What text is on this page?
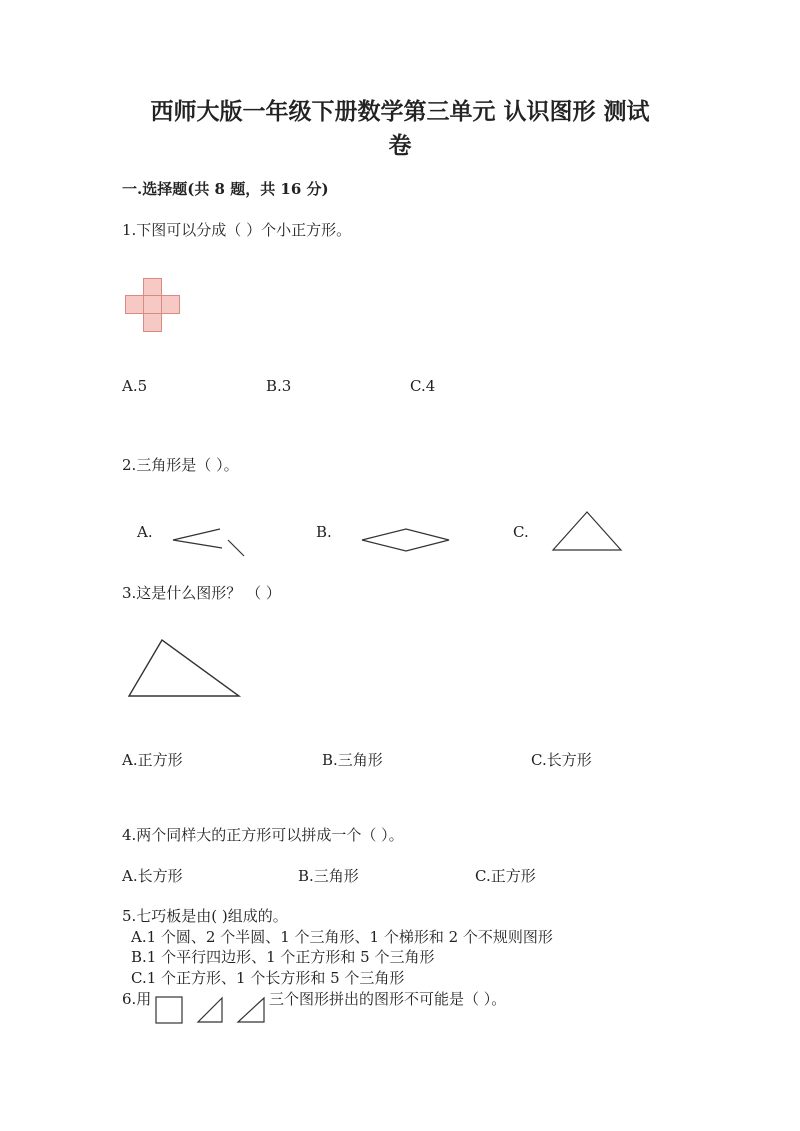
西师大版一年级下册数学第三单元 认识图形 测试
卷
一.选择题(共 8 题，共 16 分)
1.下图可以分成（ ）个小正方形。
A.5	B.3	C.4
2.三角形是（ ）。
A.	B.	C.
3.这是什么图形？ （ ）
A.正方形	B.三角形	C.长方形
4.两个同样大的正方形可以拼成一个（ ）。
A.长方形	B.三角形	C.正方形
5.七巧板是由( )组成的。
A.1 个圆、2 个半圆、1 个三角形、1 个梯形和 2 个不规则图形
B.1 个平行四边形、1 个正方形和 5 个三角形
C.1 个正方形、1 个长方形和 5 个三角形
6.用	三个图形拼出的图形不可能是（ ）。
